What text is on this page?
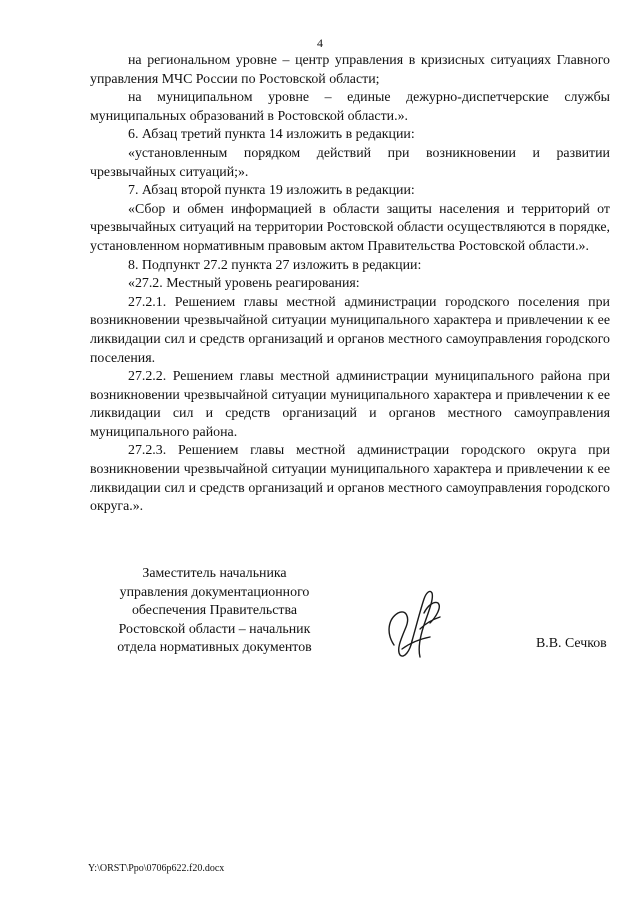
4

на региональном уровне – центр управления в кризисных ситуациях Главного управления МЧС России по Ростовской области;

на муниципальном уровне – единые дежурно-диспетчерские службы муниципальных образований в Ростовской области.».

6. Абзац третий пункта 14 изложить в редакции:

«установленным порядком действий при возникновении и развитии чрезвычайных ситуаций;».

7. Абзац второй пункта 19 изложить в редакции:

«Сбор и обмен информацией в области защиты населения и территорий от чрезвычайных ситуаций на территории Ростовской области осуществляются в порядке, установленном нормативным правовым актом Правительства Ростовской области.».

8. Подпункт 27.2 пункта 27 изложить в редакции:

«27.2. Местный уровень реагирования:

27.2.1. Решением главы местной администрации городского поселения при возникновении чрезвычайной ситуации муниципального характера и привлечении к ее ликвидации сил и средств организаций и органов местного самоуправления городского поселения.

27.2.2. Решением главы местной администрации муниципального района при возникновении чрезвычайной ситуации муниципального характера и привлечении к ее ликвидации сил и средств организаций и органов местного самоуправления муниципального района.

27.2.3. Решением главы местной администрации городского округа при возникновении чрезвычайной ситуации муниципального характера и привлечении к ее ликвидации сил и средств организаций и органов местного самоуправления городского округа.».

Заместитель начальника
управления документационного
обеспечения Правительства
Ростовской области – начальник
отдела нормативных документов	В.В. Сечков
Y:\ORST\Ppo\0706p622.f20.docx
